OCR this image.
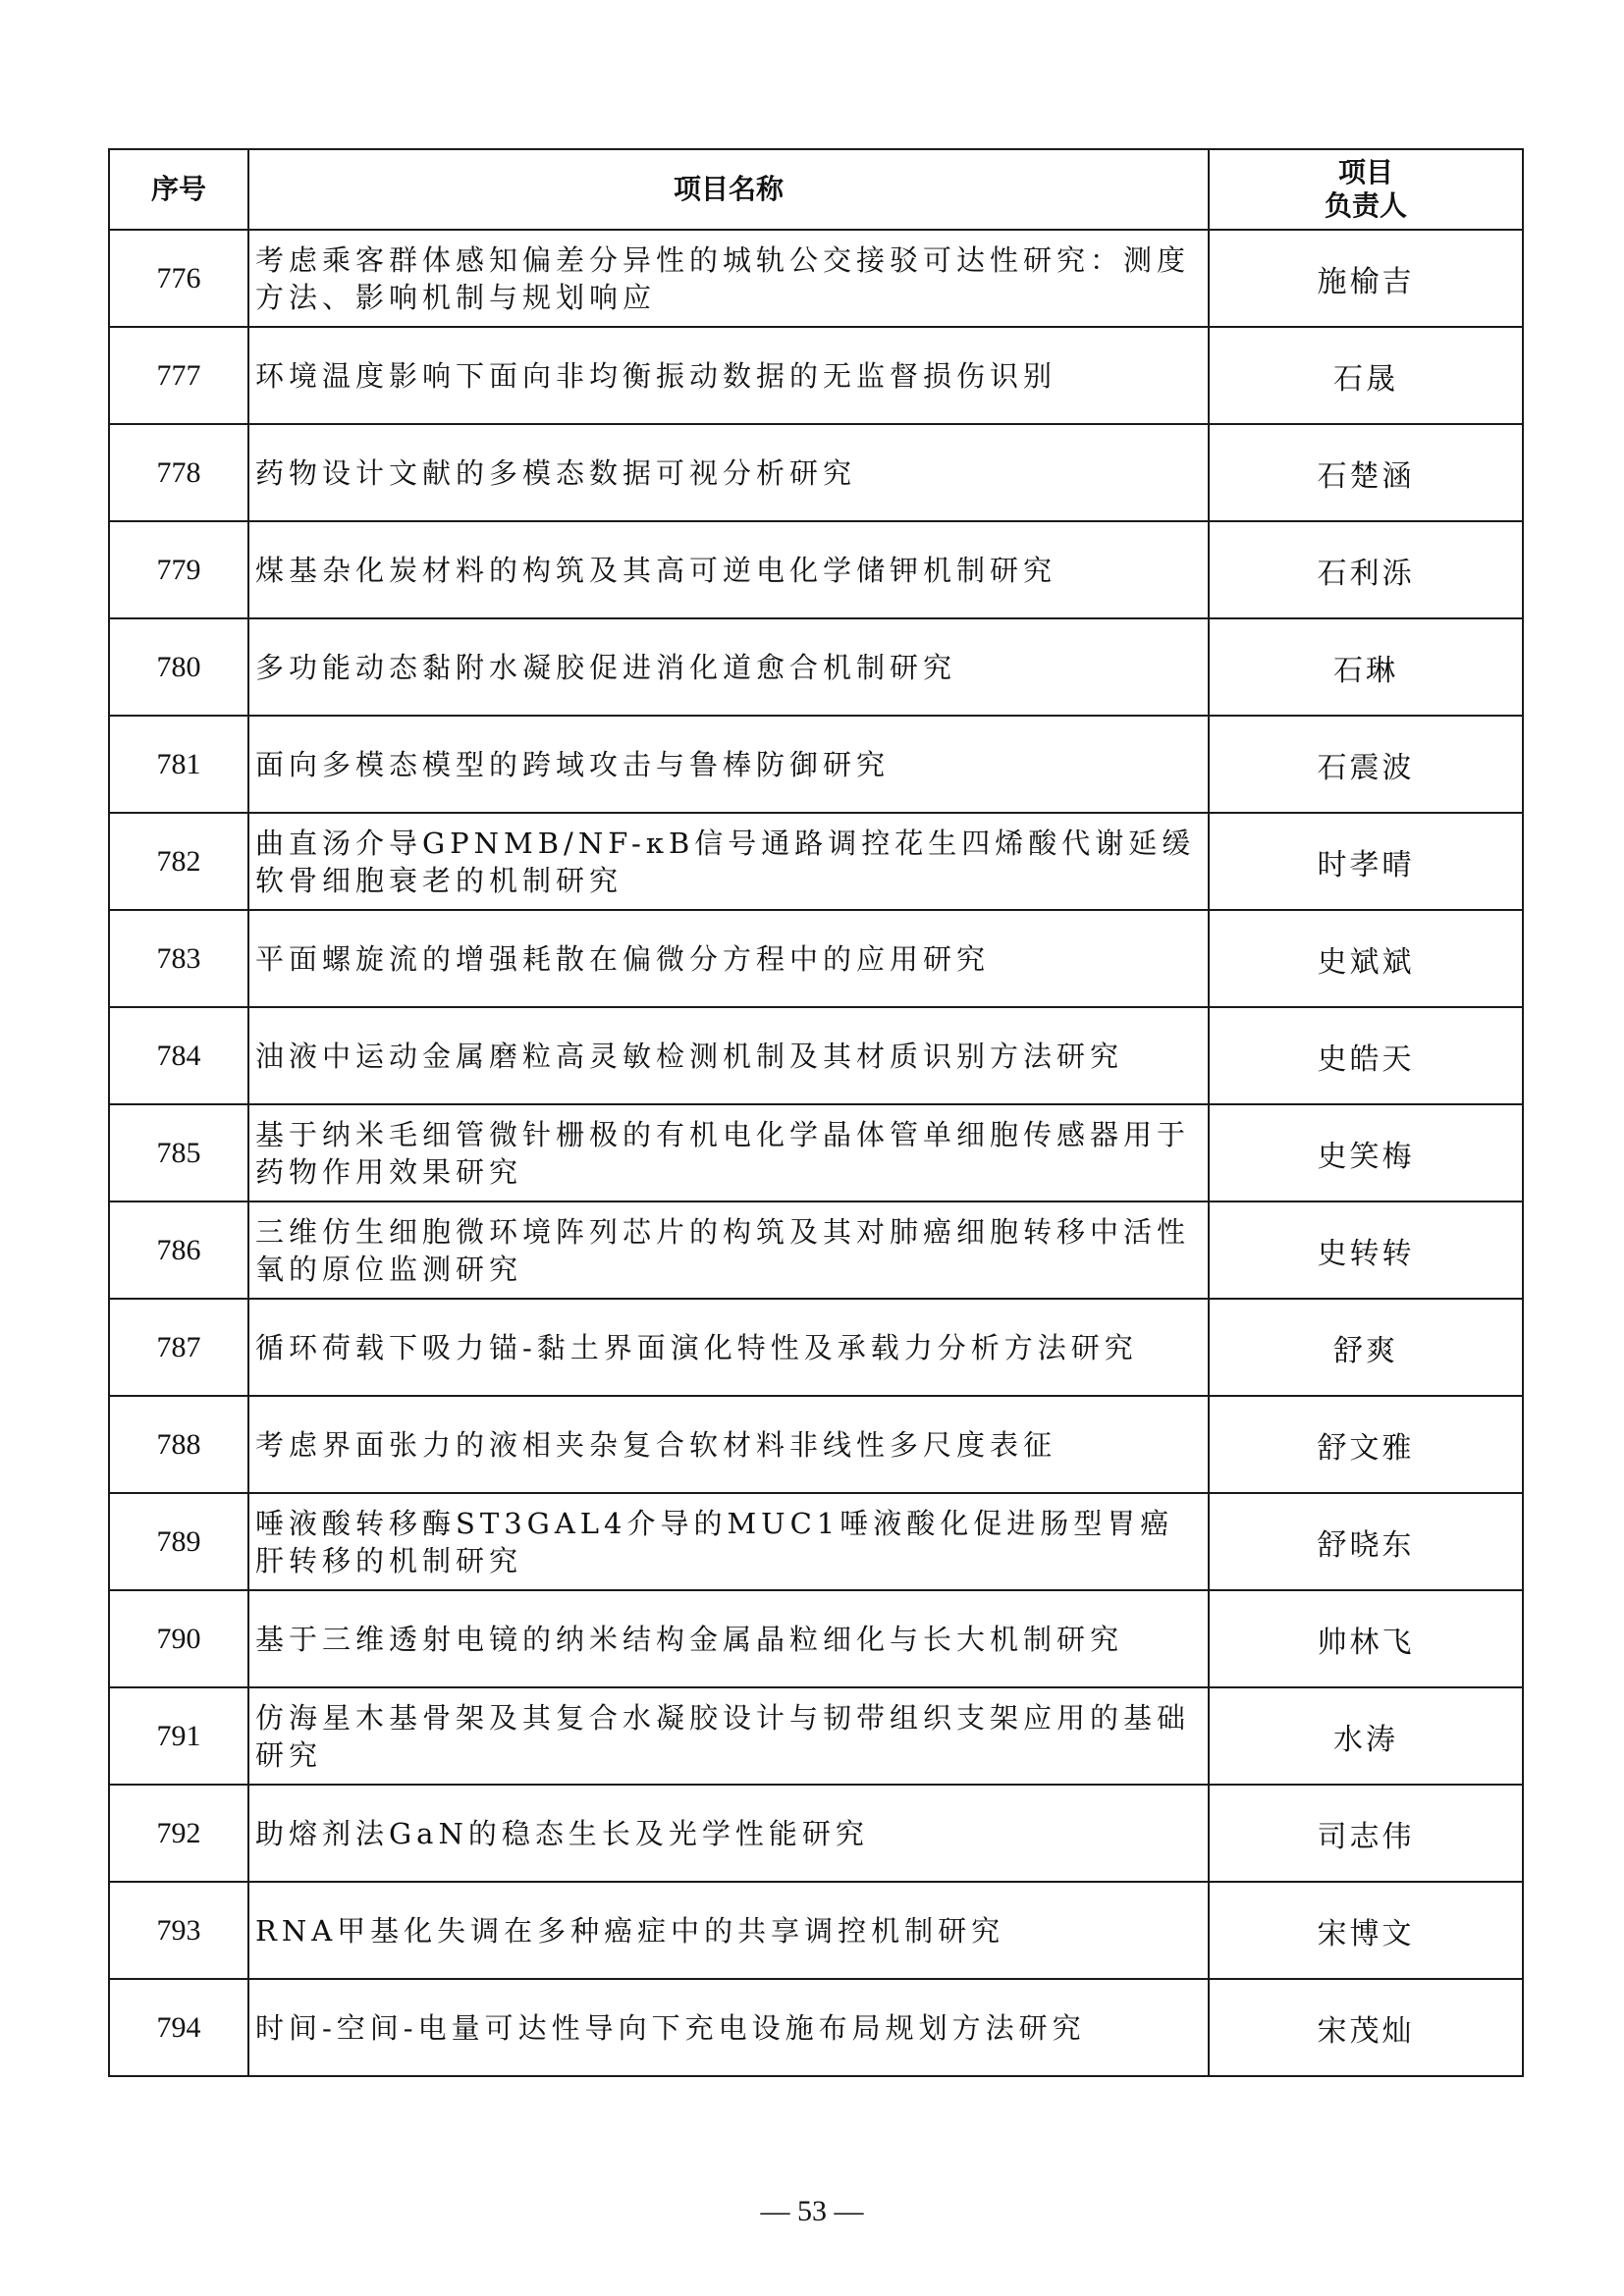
序号	项目名称	项目
负责人

776	考虑乘客群体感知偏差分异性的城轨公交接驳可达性研究：测度方法、影响机制与规划响应	施榆吉
777	环境温度影响下面向非均衡振动数据的无监督损伤识别	石晟
778	药物设计文献的多模态数据可视分析研究	石楚涵
779	煤基杂化炭材料的构筑及其高可逆电化学储钾机制研究	石利泺
780	多功能动态黏附水凝胶促进消化道愈合机制研究	石琳
781	面向多模态模型的跨域攻击与鲁棒防御研究	石震波
782	曲直汤介导GPNMB/NF-κB信号通路调控花生四烯酸代谢延缓软骨细胞衰老的机制研究	时孝晴
783	平面螺旋流的增强耗散在偏微分方程中的应用研究	史斌斌
784	油液中运动金属磨粒高灵敏检测机制及其材质识别方法研究	史皓天
785	基于纳米毛细管微针栅极的有机电化学晶体管单细胞传感器用于药物作用效果研究	史笑梅
786	三维仿生细胞微环境阵列芯片的构筑及其对肺癌细胞转移中活性氧的原位监测研究	史转转
787	循环荷载下吸力锚-黏土界面演化特性及承载力分析方法研究	舒爽
788	考虑界面张力的液相夹杂复合软材料非线性多尺度表征	舒文雅
789	唾液酸转移酶ST3GAL4介导的MUC1唾液酸化促进肠型胃癌肝转移的机制研究	舒晓东
790	基于三维透射电镜的纳米结构金属晶粒细化与长大机制研究	帅林飞
791	仿海星木基骨架及其复合水凝胶设计与韧带组织支架应用的基础研究	水涛
792	助熔剂法GaN的稳态生长及光学性能研究	司志伟
793	RNA甲基化失调在多种癌症中的共享调控机制研究	宋博文
794	时间-空间-电量可达性导向下充电设施布局规划方法研究	宋茂灿
— 53 —
